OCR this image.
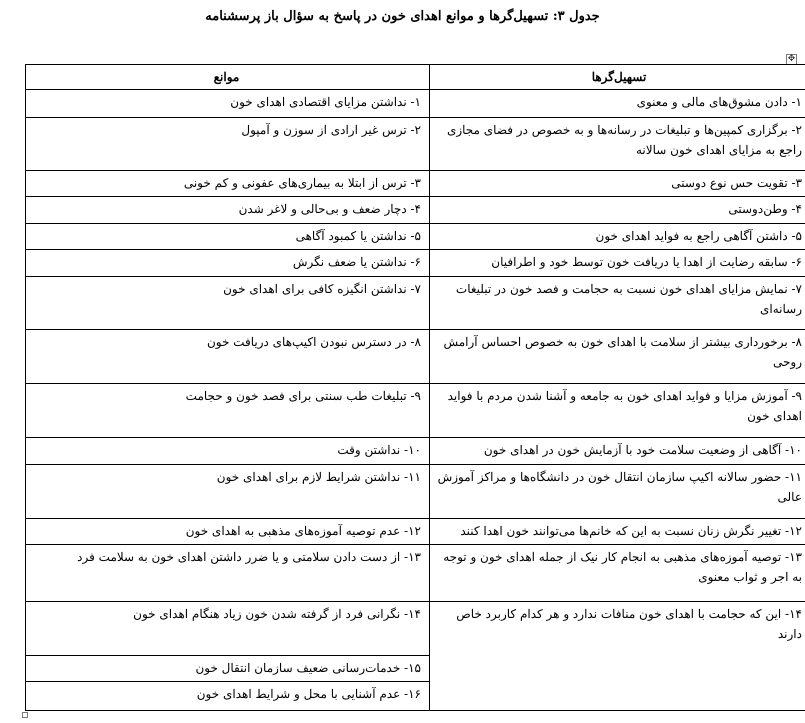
جدول ۳: تسهیل‌گرها و موانع اهدای خون در پاسخ به سؤال باز پرسشنامه
✥
تسهیل‌گرها	موانع
۱- دادن مشوق‌های مالی و معنوی	۱- نداشتن مزایای اقتصادی اهدای خون
۲- برگزاری کمپین‌ها و تبلیغات در رسانه‌ها و به خصوص در فضای مجازی راجع به مزایای اهدای خون سالانه	۲- ترس غیر ارادی از سوزن و آمپول
۳- تقویت حس نوع دوستی	۳- ترس از ابتلا به بیماری‌های عفونی و کم خونی
۴- وطن‌دوستی	۴- دچار ضعف و بی‌حالی و لاغر شدن
۵- داشتن آگاهی راجع به فواید اهدای خون	۵- نداشتن یا کمبود آگاهی
۶- سابقه رضایت از اهدا یا دریافت خون توسط خود و اطرافیان	۶- نداشتن یا ضعف نگرش
۷- نمایش مزایای اهدای خون نسبت به حجامت و فصد خون در تبلیغات رسانه‌ای	۷- نداشتن انگیزه کافی برای اهدای خون
۸- برخورداری بیشتر از سلامت با اهدای خون به خصوص احساس آرامش روحی	۸- در دسترس نبودن اکیپ‌های دریافت خون
۹- آموزش مزایا و فواید اهدای خون به جامعه و آشنا شدن مردم با فواید اهدای خون	۹- تبلیغات طب سنتی برای فصد خون و حجامت
۱۰- آگاهی از وضعیت سلامت خود با آزمایش خون در اهدای خون	۱۰- نداشتن وقت
۱۱- حضور سالانه اکیپ سازمان انتقال خون در دانشگاه‌ها و مراکز آموزش عالی	۱۱- نداشتن شرایط لازم برای اهدای خون
۱۲- تغییر نگرش زنان نسبت به این که خانم‌ها می‌توانند خون اهدا کنند	۱۲- عدم توصیه آموزه‌های مذهبی به اهدای خون
۱۳- توصیه آموزه‌های مذهبی به انجام کار نیک از جمله اهدای خون و توجه به اجر و ثواب معنوی	۱۳- از دست دادن سلامتی و یا ضرر داشتن اهدای خون به سلامت فرد
۱۴- این که حجامت با اهدای خون منافات ندارد و هر کدام کاربرد خاص دارند	۱۴- نگرانی فرد از گرفته شدن خون زیاد هنگام اهدای خون
	۱۵- خدمات‌رسانی ضعیف سازمان انتقال خون
	۱۶- عدم آشنایی با محل و شرایط اهدای خون
